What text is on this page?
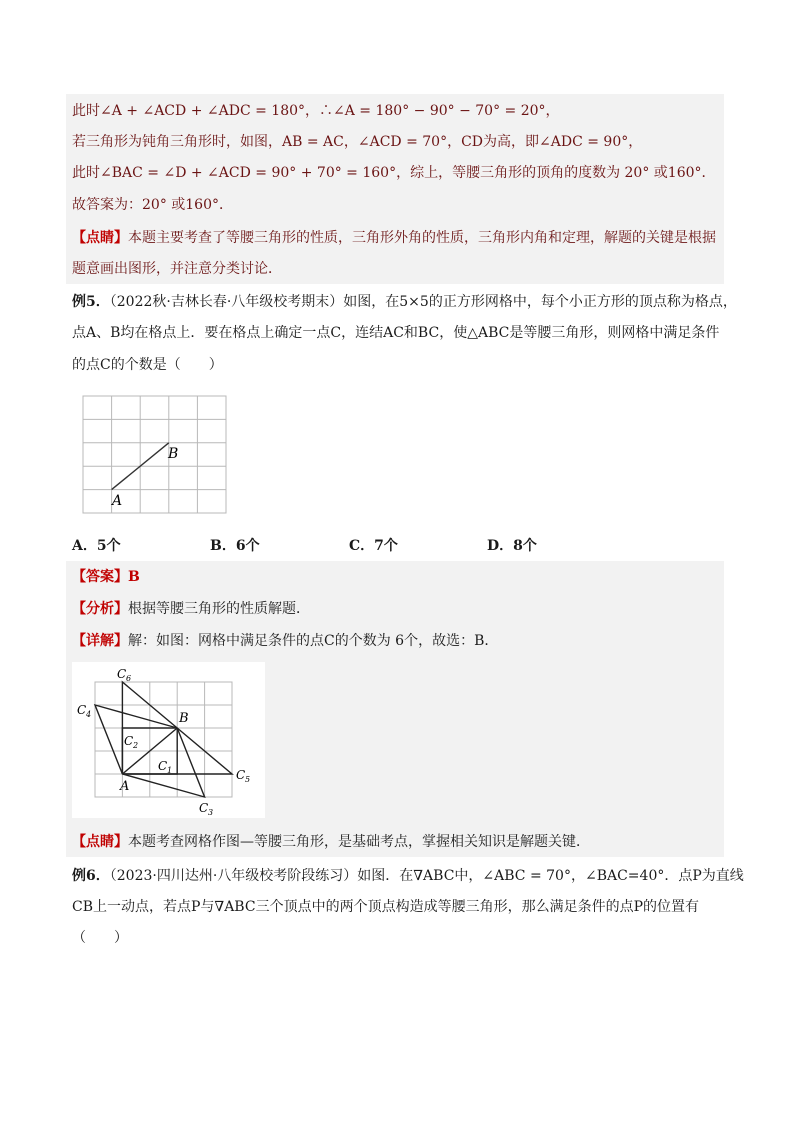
此时∠A + ∠ACD + ∠ADC = 180°，∴∠A = 180° − 90° − 70° = 20°，
若三角形为钝角三角形时，如图，AB = AC，∠ACD = 70°，CD为高，即∠ADC = 90°，
此时∠BAC = ∠D + ∠ACD = 90° + 70° = 160°，综上，等腰三角形的顶角的度数为 20° 或160°．
故答案为：20° 或160°．
【点睛】本题主要考查了等腰三角形的性质，三角形外角的性质，三角形内角和定理，解题的关键是根据
题意画出图形，并注意分类讨论．
例5．（2022秋·吉林长春·八年级校考期末）如图，在5×5的正方形网格中，每个小正方形的顶点称为格点，
点A、B均在格点上．要在格点上确定一点C，连结AC和BC，使△ABC是等腰三角形，则网格中满足条件
的点C的个数是（　　）
A
B
A．5个	B．6个	C．7个	D．8个
【答案】B
【分析】根据等腰三角形的性质解题．
【详解】解：如图：网格中满足条件的点C的个数为 6个，故选：B．
A
B
C 1
C 2
C 3
C 4
C 5
C 6
【点睛】本题考查网格作图—等腰三角形，是基础考点，掌握相关知识是解题关键．
例6．（2023·四川达州·八年级校考阶段练习）如图．在∇ABC中，∠ABC = 70°，∠BAC=40°．点P为直线
CB上一动点，若点P与∇ABC三个顶点中的两个顶点构造成等腰三角形，那么满足条件的点P的位置有
（　　）
